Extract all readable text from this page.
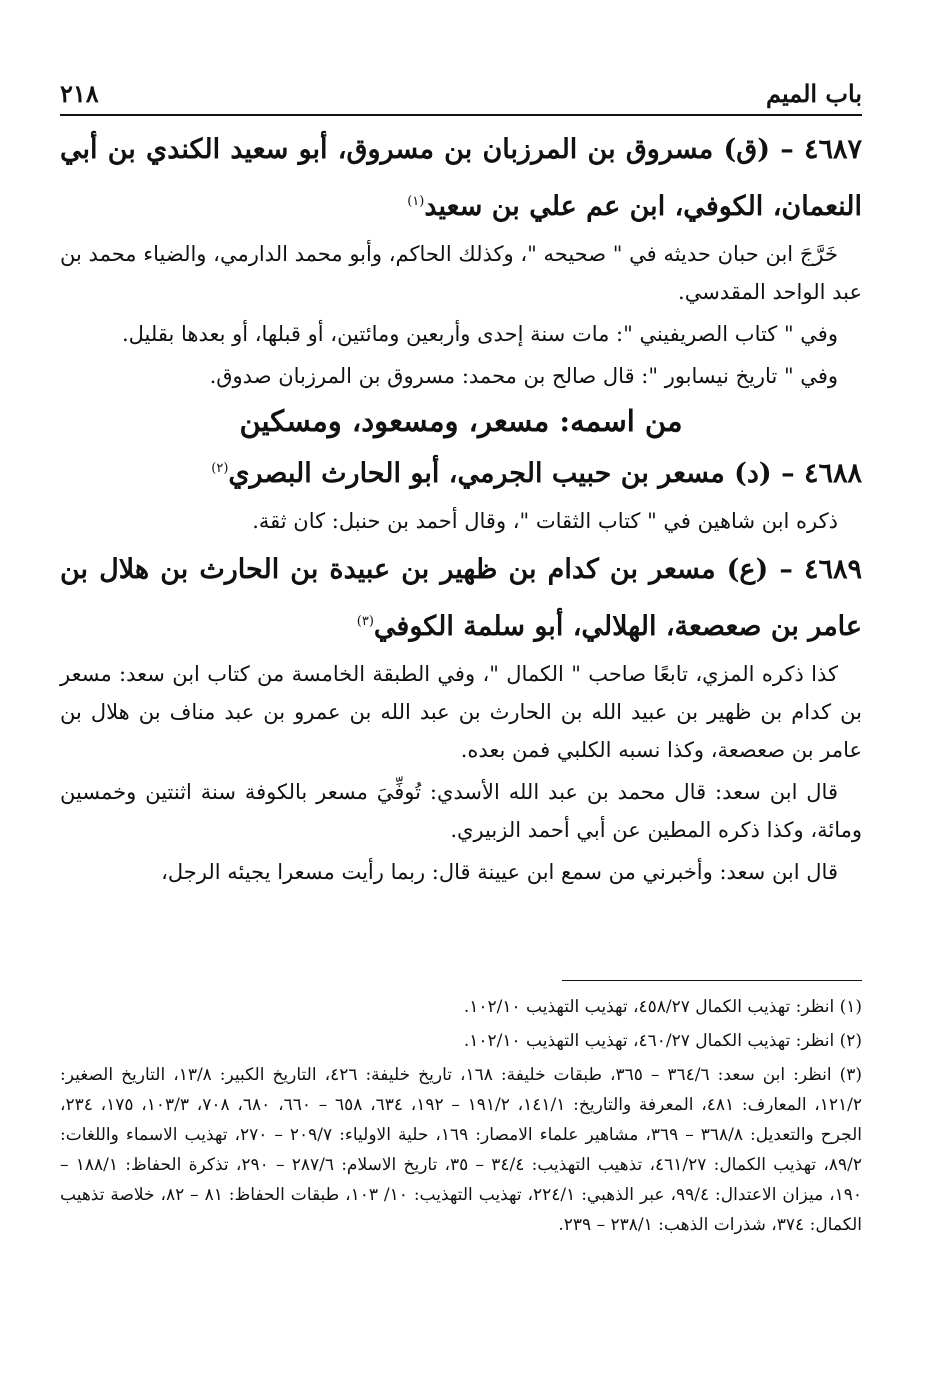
باب الميم
٢١٨

٤٦٨٧ – (ق) مسروق بن المرزبان بن مسروق، أبو سعيد الكندي بن أبي النعمان، الكوفي، ابن عم علي بن سعيد$^{(١)}$

خَرَّجَ ابن حبان حديثه في " صحيحه "، وكذلك الحاكم، وأبو محمد الدارمي، والضياء محمد بن عبد الواحد المقدسي.

وفي " كتاب الصريفيني ": مات سنة إحدى وأربعين ومائتين، أو قبلها، أو بعدها بقليل.

وفي " تاريخ نيسابور ": قال صالح بن محمد: مسروق بن المرزبان صدوق.

من اسمه: مسعر، ومسعود، ومسكين

٤٦٨٨ – (د) مسعر بن حبيب الجرمي، أبو الحارث البصري$^{(٢)}$

ذكره ابن شاهين في " كتاب الثقات "، وقال أحمد بن حنبل: كان ثقة.

٤٦٨٩ – (ع) مسعر بن كدام بن ظهير بن عبيدة بن الحارث بن هلال بن عامر بن صعصعة، الهلالي، أبو سلمة الكوفي$^{(٣)}$

كذا ذكره المزي، تابعًا صاحب " الكمال "، وفي الطبقة الخامسة من كتاب ابن سعد: مسعر بن كدام بن ظهير بن عبيد الله بن الحارث بن عبد الله بن عمرو بن عبد مناف بن هلال بن عامر بن صعصعة، وكذا نسبه الكلبي فمن بعده.

قال ابن سعد: قال محمد بن عبد الله الأسدي: تُوفِّيَ مسعر بالكوفة سنة اثنتين وخمسين ومائة، وكذا ذكره المطين عن أبي أحمد الزبيري.

قال ابن سعد: وأخبرني من سمع ابن عيينة قال: ربما رأيت مسعرا يجيئه الرجل،

(١) انظر: تهذيب الكمال ٤٥٨/٢٧، تهذيب التهذيب ١٠٢/١٠.

(٢) انظر: تهذيب الكمال ٤٦٠/٢٧، تهذيب التهذيب ١٠٢/١٠.

(٣) انظر: ابن سعد: ٣٦٤/٦ – ٣٦٥، طبقات خليفة: ١٦٨، تاريخ خليفة: ٤٢٦، التاريخ الكبير: ١٣/٨، التاريخ الصغير: ١٢١/٢، المعارف: ٤٨١، المعرفة والتاريخ: ١٤١/١، ١٩١/٢ – ١٩٢، ٦٣٤، ٦٥٨ – ٦٦٠، ٦٨٠، ٧٠٨، ١٠٣/٣، ١٧٥، ٢٣٤، الجرح والتعديل: ٣٦٨/٨ – ٣٦٩، مشاهير علماء الامصار: ١٦٩، حلية الاولياء: ٢٠٩/٧ – ٢٧٠، تهذيب الاسماء واللغات: ٨٩/٢، تهذيب الكمال: ٤٦١/٢٧، تذهيب التهذيب: ٣٤/٤ – ٣٥، تاريخ الاسلام: ٢٨٧/٦ – ٢٩٠، تذكرة الحفاظ: ١٨٨/١ – ١٩٠، ميزان الاعتدال: ٩٩/٤، عبر الذهبي: ٢٢٤/١، تهذيب التهذيب: ١٠/ ١٠٣، طبقات الحفاظ: ٨١ – ٨٢، خلاصة تذهيب الكمال: ٣٧٤، شذرات الذهب: ٢٣٨/١ – ٢٣٩.
